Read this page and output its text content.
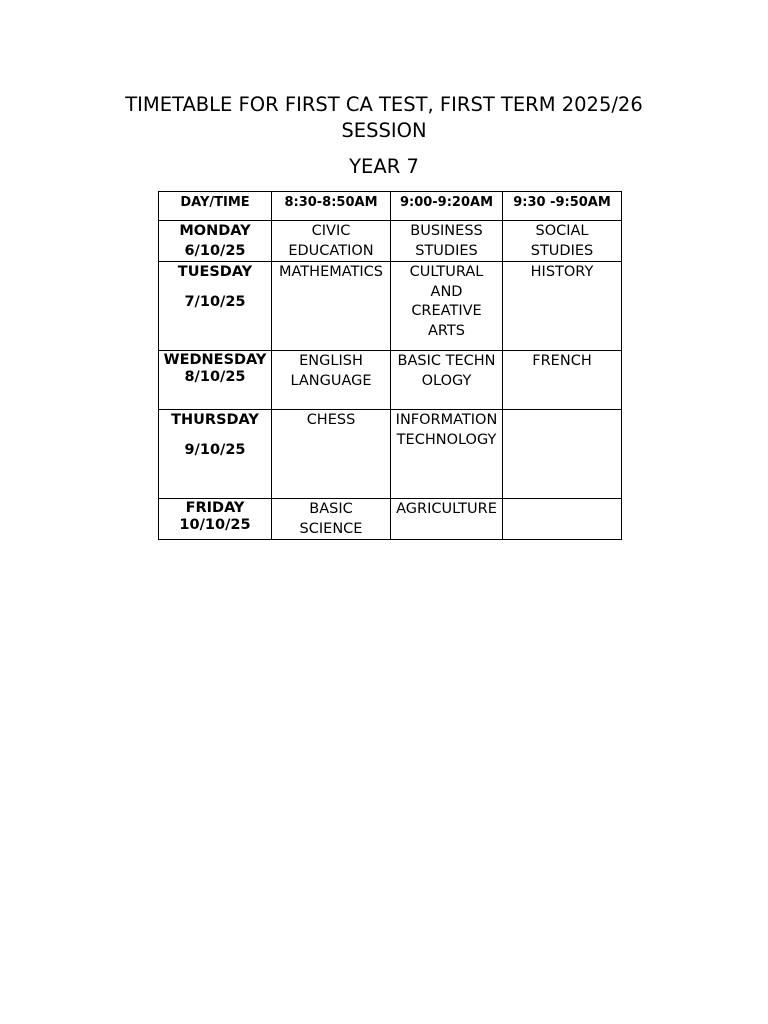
TIMETABLE FOR FIRST CA TEST, FIRST TERM 2025/26
SESSION
YEAR 7
DAY/TIME	8:30-8:50AM	9:00-9:20AM	9:30 -9:50AM

MONDAY
6/10/25	CIVIC EDUCATION	BUSINESS STUDIES	SOCIAL STUDIES

TUESDAY
7/10/25	MATHEMATICS	CULTURAL AND CREATIVE ARTS	HISTORY

WEDNESDAY
8/10/25	ENGLISH LANGUAGE	BASIC TECHNOLOGY	FRENCH

THURSDAY
9/10/25	CHESS	INFORMATION TECHNOLOGY	

FRIDAY
10/10/25	BASIC SCIENCE	AGRICULTURE	
